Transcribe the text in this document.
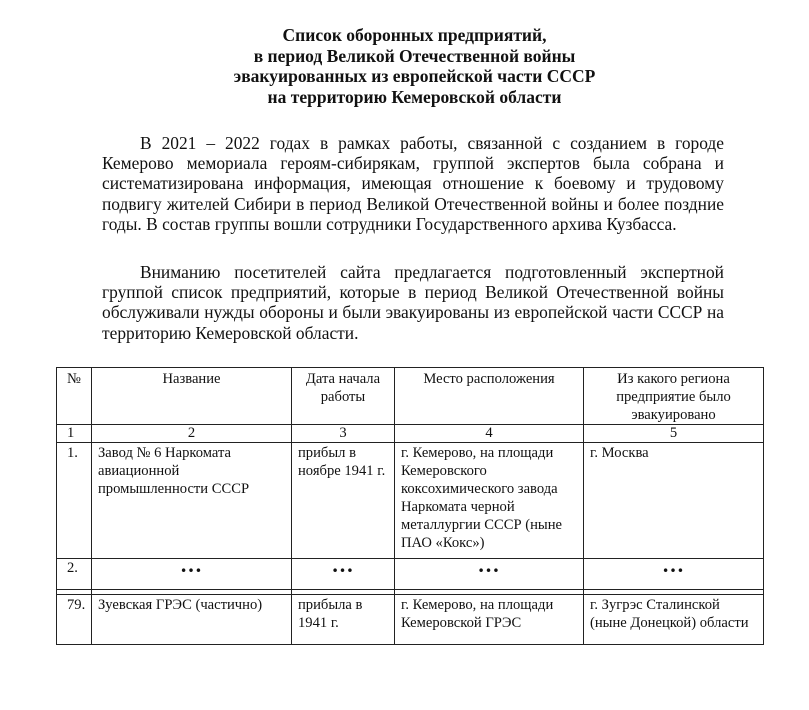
Список оборонных предприятий,
в период Великой Отечественной войны
эвакуированных из европейской части СССР
на территорию Кемеровской области

В 2021 – 2022 годах в рамках работы, связанной с созданием в городе Кемерово мемориала героям-сибирякам, группой экспертов была собрана и систематизирована информация, имеющая отношение к боевому и трудовому подвигу жителей Сибири в период Великой Отечественной войны и более поздние годы. В состав группы вошли сотрудники Государственного архива Кузбасса.

Вниманию посетителей сайта предлагается подготовленный экспертной группой список предприятий, которые в период Великой Отечественной войны обслуживали нужды обороны и были эвакуированы из европейской части СССР на территорию Кемеровской области.

№	Название	Дата начала работы	Место расположения	Из какого региона предприятие было эвакуировано
1	2	3	4	5
1.	Завод № 6 Наркомата авиационной промышленности СССР	прибыл в ноябре 1941 г.	г. Кемерово, на площади Кемеровского коксохимического завода Наркомата черной металлургии СССР (ныне ПАО «Кокс»)	г. Москва
2.	…	…	…	…

79.	Зуевская ГРЭС (частично)	прибыла в 1941 г.	г. Кемерово, на площади Кемеровской ГРЭС	г. Зугрэс Сталинской (ныне Донецкой) области
